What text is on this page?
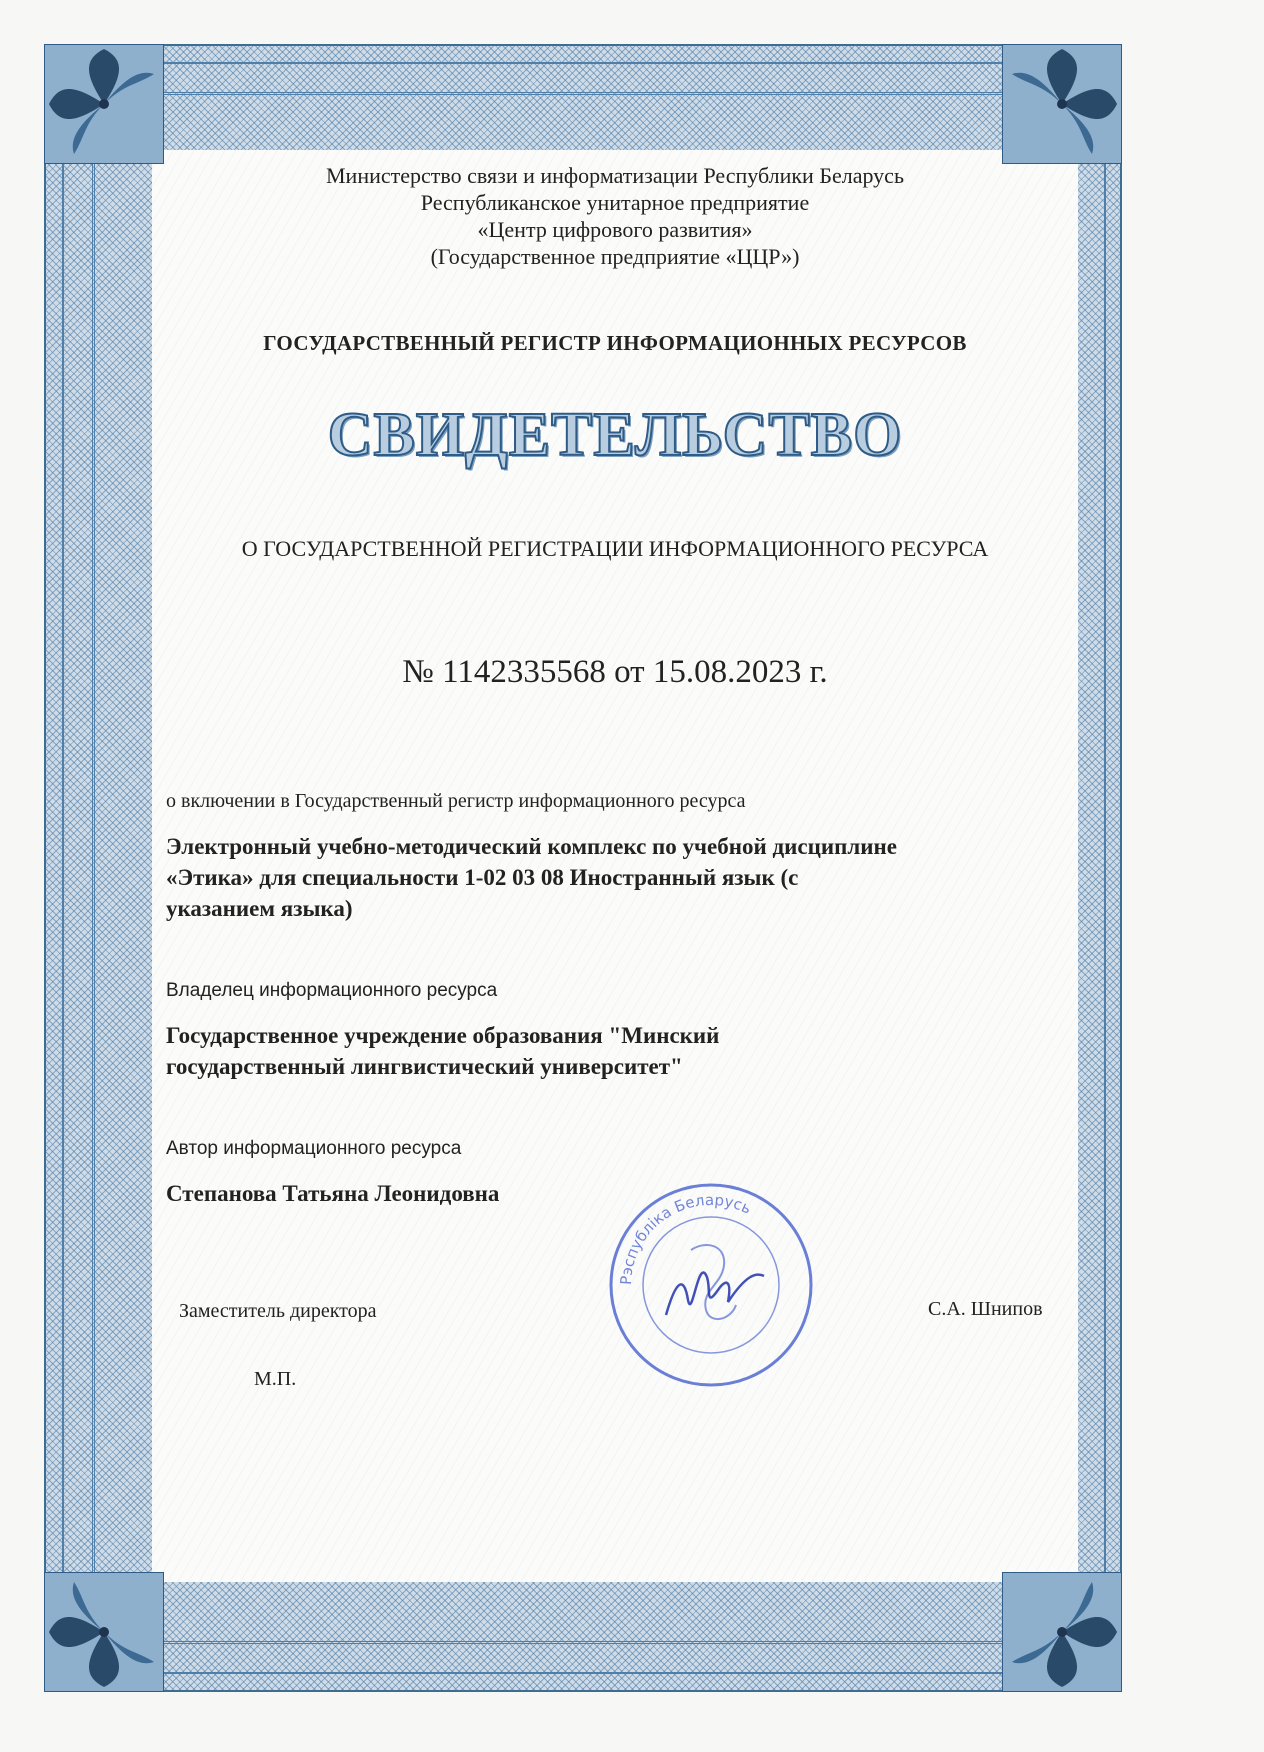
Министерство связи и информатизации Республики Беларусь
Республиканское унитарное предприятие
«Центр цифрового развития»
(Государственное предприятие «ЦЦР»)
ГОСУДАРСТВЕННЫЙ РЕГИСТР ИНФОРМАЦИОННЫХ РЕСУРСОВ
СВИДЕТЕЛЬСТВО
О ГОСУДАРСТВЕННОЙ РЕГИСТРАЦИИ ИНФОРМАЦИОННОГО РЕСУРСА
№ 1142335568 от 15.08.2023 г.
о включении в Государственный регистр информационного ресурса
Электронный учебно-методический комплекс по учебной дисциплине
«Этика» для специальности 1-02 03 08 Иностранный язык (с
указанием языка)
Владелец информационного ресурса
Государственное учреждение образования "Минский
государственный лингвистический университет"
Автор информационного ресурса
Степанова Татьяна Леонидовна
Заместитель директора	С.А. Шнипов
М.П.
Рэспубліка Беларусь
